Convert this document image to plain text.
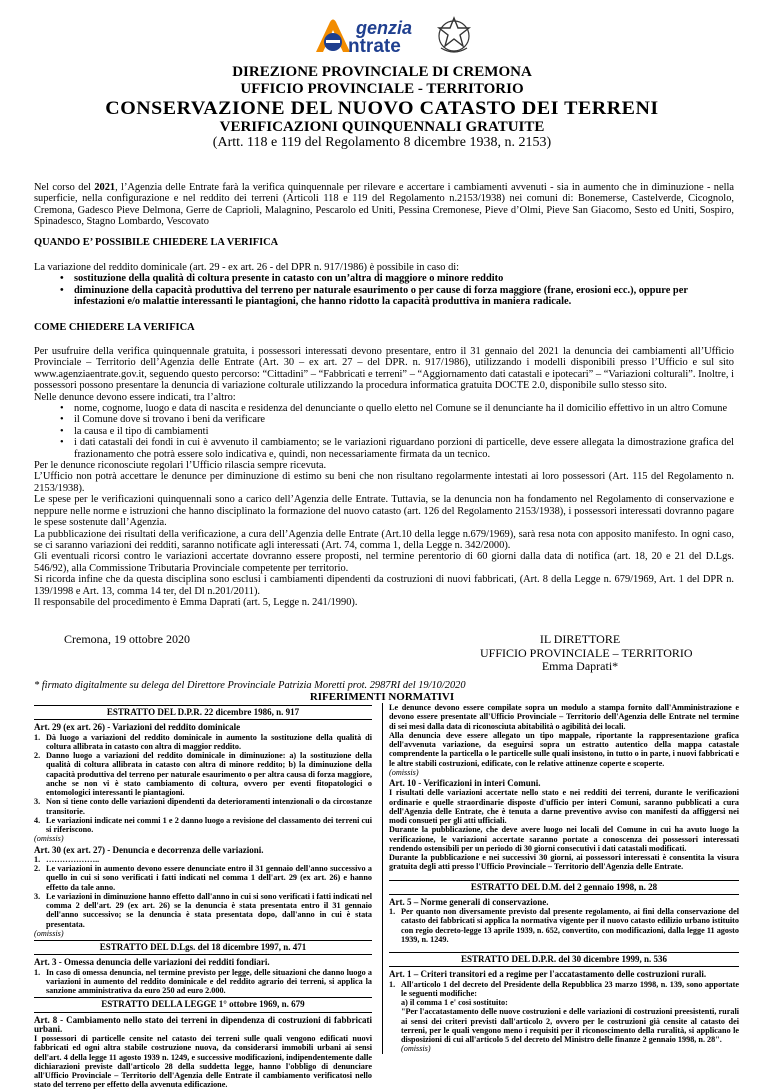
genzia
ntrate
DIREZIONE PROVINCIALE DI CREMONA
UFFICIO PROVINCIALE - TERRITORIO
CONSERVAZIONE DEL NUOVO CATASTO DEI TERRENI
VERIFICAZIONI QUINQUENNALI GRATUITE
(Artt. 118 e 119 del Regolamento 8 dicembre 1938, n. 2153)
Nel corso del 2021, l’Agenzia delle Entrate farà la verifica quinquennale per rilevare e accertare i cambiamenti avvenuti - sia in aumento che in diminuzione - nella superficie, nella configurazione e nel reddito dei terreni (Articoli 118 e 119 del Regolamento n.2153/1938) nei comuni di: Bonemerse, Castelverde, Cicognolo, Cremona, Gadesco Pieve Delmona, Gerre de Caprioli, Malagnino, Pescarolo ed Uniti, Pessina Cremonese, Pieve d’Olmi, Pieve San Giacomo, Sesto ed Uniti, Sospiro, Spinadesco, Stagno Lombardo, Vescovato
QUANDO E’ POSSIBILE CHIEDERE LA VERIFICA

La variazione del reddito dominicale (art. 29 - ex art. 26 - del DPR n. 917/1986) è possibile in caso di:

• sostituzione della qualità di coltura presente in catasto con un’altra di maggiore o minore reddito
• diminuzione della capacità produttiva del terreno per naturale esaurimento o per cause di forza maggiore (frane, erosioni ecc.), oppure per infestazioni e/o malattie interessanti le piantagioni, che hanno ridotto la capacità produttiva in maniera radicale.
COME CHIEDERE LA VERIFICA

Per usufruire della verifica quinquennale gratuita, i possessori interessati devono presentare, entro il 31 gennaio del 2021 la denuncia dei cambiamenti all’Ufficio Provinciale – Territorio dell’Agenzia delle Entrate (Art. 30 – ex art. 27 – del DPR. n. 917/1986), utilizzando i modelli disponibili presso l’Ufficio e sul sito www.agenziaentrate.gov.it, seguendo questo percorso: “Cittadini” – “Fabbricati e terreni” – “Aggiornamento dati catastali e ipotecari” – “Variazioni colturali”. Inoltre, i possessori possono presentare la denuncia di variazione colturale utilizzando la procedura informatica gratuita DOCTE 2.0, disponibile sullo stesso sito.

Nelle denunce devono essere indicati, tra l’altro:

• nome, cognome, luogo e data di nascita e residenza del denunciante o quello eletto nel Comune se il denunciante ha il domicilio effettivo in un altro Comune
• il Comune dove si trovano i beni da verificare
• la causa e il tipo di cambiamenti
• i dati catastali dei fondi in cui è avvenuto il cambiamento; se le variazioni riguardano porzioni di particelle, deve essere allegata la dimostrazione grafica del frazionamento che potrà essere solo indicativa e, quindi, non necessariamente firmata da un tecnico.

Per le denunce riconosciute regolari l’Ufficio rilascia sempre ricevuta.

L’Ufficio non potrà accettare le denunce per diminuzione di estimo su beni che non risultano regolarmente intestati ai loro possessori (Art. 115 del Regolamento n. 2153/1938).

Le spese per le verificazioni quinquennali sono a carico dell’Agenzia delle Entrate. Tuttavia, se la denuncia non ha fondamento nel Regolamento di conservazione e neppure nelle norme e istruzioni che hanno disciplinato la formazione del nuovo catasto (art. 126 del Regolamento 2153/1938), i possessori interessati dovranno pagare le spese sostenute dall’Agenzia.

La pubblicazione dei risultati della verificazione, a cura dell’Agenzia delle Entrate (Art.10 della legge n.679/1969), sarà resa nota con apposito manifesto. In ogni caso, se ci saranno variazioni dei redditi, saranno notificate agli interessati (Art. 74, comma 1, della Legge n. 342/2000).

Gli eventuali ricorsi contro le variazioni accertate dovranno essere proposti, nel termine perentorio di 60 giorni dalla data di notifica (art. 18, 20 e 21 del D.Lgs. 546/92), alla Commissione Tributaria Provinciale competente per territorio.

Si ricorda infine che da questa disciplina sono esclusi i cambiamenti dipendenti da costruzioni di nuovi fabbricati, (Art. 8 della Legge n. 679/1969, Art. 1 del DPR n. 139/1998 e Art. 13, comma 14 ter, del Dl n.201/2011).

Il responsabile del procedimento è Emma Daprati (art. 5, Legge n. 241/1990).

Cremona, 19 ottobre 2020	IL DIRETTORE
UFFICIO PROVINCIALE – TERRITORIO
Emma Daprati*
* firmato digitalmente su delega del Direttore Provinciale Patrizia Moretti prot. 2987RI del 19/10/2020
RIFERIMENTI NORMATIVI
ESTRATTO DEL D.P.R. 22 dicembre 1986, n. 917
Art. 29 (ex art. 26) - Variazioni del reddito dominicale
1. Dà luogo a variazioni del reddito dominicale in aumento la sostituzione della qualità di coltura allibrata in catasto con altra di maggior reddito.
2. Danno luogo a variazioni del reddito dominicale in diminuzione: a) la sostituzione della qualità di coltura allibrata in catasto con altra di minore reddito; b) la diminuzione della capacità produttiva del terreno per naturale esaurimento o per altra causa di forza maggiore, anche se non vi è stato cambiamento di coltura, ovvero per eventi fitopatologici o entomologici interessanti le piantagioni.
3. Non si tiene conto delle variazioni dipendenti da deterioramenti intenzionali o da circostanze transitorie.
4. Le variazioni indicate nei commi 1 e 2 danno luogo a revisione del classamento dei terreni cui si riferiscono.
(omissis)
Art. 30 (ex art. 27) - Denuncia e decorrenza delle variazioni.
1. ………………..
2. Le variazioni in aumento devono essere denunciate entro il 31 gennaio dell'anno successivo a quello in cui si sono verificati i fatti indicati nel comma 1 dell'art. 29 (ex art. 26) e hanno effetto da tale anno.
3. Le variazioni in diminuzione hanno effetto dall'anno in cui si sono verificati i fatti indicati nel comma 2 dell'art. 29 (ex art. 26) se la denuncia è stata presentata entro il 31 gennaio dell'anno successivo; se la denuncia è stata presentata dopo, dall'anno in cui è stata presentata.
(omissis)
ESTRATTO DEL D.Lgs. del 18 dicembre 1997, n. 471
Art. 3 - Omessa denuncia delle variazioni dei redditi fondiari.
1. In caso di omessa denuncia, nel termine previsto per legge, delle situazioni che danno luogo a variazioni in aumento del reddito dominicale e del reddito agrario dei terreni, si applica la sanzione amministrativa da euro 250 ad euro 2.000.
ESTRATTO DELLA LEGGE 1° ottobre 1969, n. 679
Art. 8 - Cambiamento nello stato dei terreni in dipendenza di costruzioni di fabbricati urbani.
I possessori di particelle censite nel catasto dei terreni sulle quali vengono edificati nuovi fabbricati ed ogni altra stabile costruzione nuova, da considerarsi immobili urbani ai sensi dell'art. 4 della legge 11 agosto 1939 n. 1249, e successive modificazioni, indipendentemente dalle dichiarazioni previste dall'articolo 28 della suddetta legge, hanno l'obbligo di denunciare all'Ufficio Provinciale – Territorio dell'Agenzia delle Entrate il cambiamento verificatosi nello stato del terreno per effetto della avvenuta edificazione.
Le denunce devono essere compilate sopra un modulo a stampa fornito dall'Amministrazione e devono essere presentate all'Ufficio Provinciale – Territorio dell'Agenzia delle Entrate nel termine di sei mesi dalla data di riconosciuta abitabilità o agibilità dei locali.
Alla denuncia deve essere allegato un tipo mappale, riportante la rappresentazione grafica dell'avvenuta variazione, da eseguirsi sopra un estratto autentico della mappa catastale comprendente la particella o le particelle sulle quali insistono, in tutto o in parte, i nuovi fabbricati e le altre stabili costruzioni, edificate, con le relative attinenze coperte e scoperte.
(omissis)
Art. 10 - Verificazioni in interi Comuni.
I risultati delle variazioni accertate nello stato e nei redditi dei terreni, durante le verificazioni ordinarie e quelle straordinarie disposte d'ufficio per interi Comuni, saranno pubblicati a cura dell'Agenzia delle Entrate, che è tenuta a darne preventivo avviso con manifesti da affiggersi nei modi consueti per gli atti ufficiali.
Durante la pubblicazione, che deve avere luogo nei locali del Comune in cui ha avuto luogo la verificazione, le variazioni accertate saranno portate a conoscenza dei possessori interessati rendendo ostensibili per un periodo di 30 giorni consecutivi i dati catastali modificati.
Durante la pubblicazione e nei successivi 30 giorni, ai possessori interessati è consentita la visura gratuita degli atti presso l'Ufficio Provinciale – Territorio dell'Agenzia delle Entrate.
ESTRATTO DEL D.M. del 2 gennaio 1998, n. 28
Art. 5 – Norme generali di conservazione.
1. Per quanto non diversamente previsto dal presente regolamento, ai fini della conservazione del catasto dei fabbricati si applica la normativa vigente per il nuovo catasto edilizio urbano istituito con regio decreto-legge 13 aprile 1939, n. 652, convertito, con modificazioni, dalla legge 11 agosto 1939, n. 1249.
ESTRATTO DEL D.P.R. del 30 dicembre 1999, n. 536
Art. 1 – Criteri transitori ed a regime per l'accatastamento delle costruzioni rurali.
1. All'articolo 1 del decreto del Presidente della Repubblica 23 marzo 1998, n. 139, sono apportate le seguenti modifiche:
a) il comma 1 e' così sostituito:
"Per l'accatastamento delle nuove costruzioni e delle variazioni di costruzioni preesistenti, rurali ai sensi dei criteri previsti dall'articolo 2, ovvero per le costruzioni già censite al catasto dei terreni, per le quali vengono meno i requisiti per il riconoscimento della ruralità, si applicano le disposizioni di cui all'articolo 5 del decreto del Ministro delle finanze 2 gennaio 1998, n. 28".
(omissis)
